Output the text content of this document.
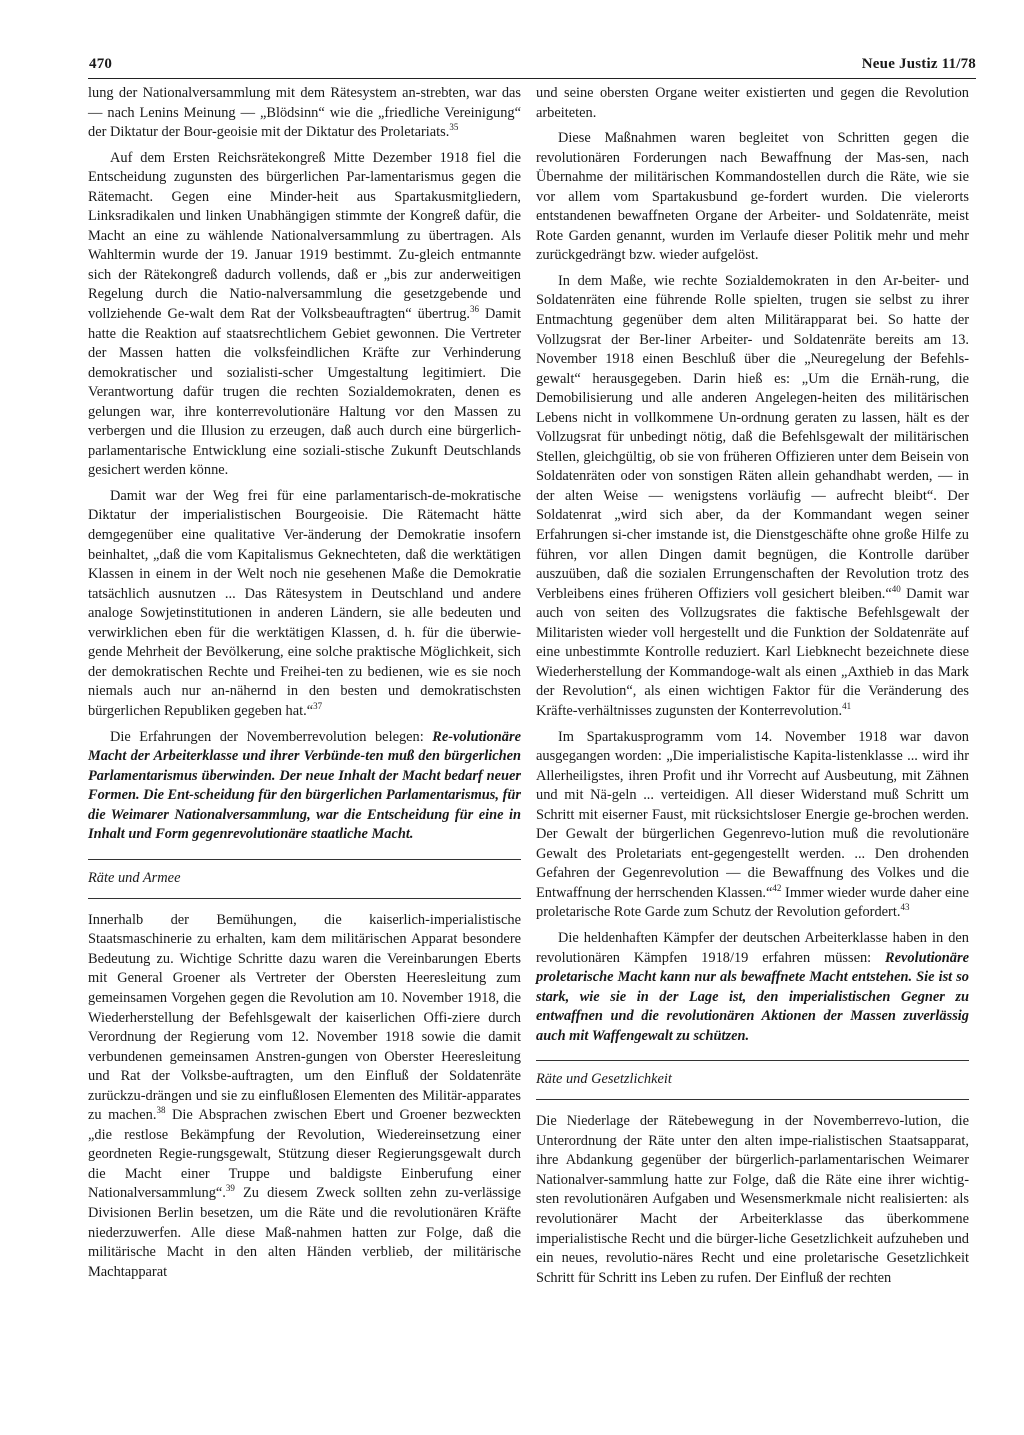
470	Neue Justiz 11/78

lung der Nationalversammlung mit dem Rätesystem an-strebten, war das — nach Lenins Meinung — „Blödsinn“ wie die „friedliche Vereinigung“ der Diktatur der Bour-geoisie mit der Diktatur des Proletariats.$^{35}$

Auf dem Ersten Reichsrätekongreß Mitte Dezember 1918 fiel die Entscheidung zugunsten des bürgerlichen Par-lamentarismus gegen die Rätemacht. Gegen eine Minder-heit aus Spartakusmitgliedern, Linksradikalen und linken Unabhängigen stimmte der Kongreß dafür, die Macht an eine zu wählende Nationalversammlung zu übertragen. Als Wahltermin wurde der 19. Januar 1919 bestimmt. Zu-gleich entmannte sich der Rätekongreß dadurch vollends, daß er „bis zur anderweitigen Regelung durch die Natio-nalversammlung die gesetzgebende und vollziehende Ge-walt dem Rat der Volksbeauftragten“ übertrug.$^{36}$ Damit hatte die Reaktion auf staatsrechtlichem Gebiet gewonnen. Die Vertreter der Massen hatten die volksfeindlichen Kräfte zur Verhinderung demokratischer und sozialisti-scher Umgestaltung legitimiert. Die Verantwortung dafür trugen die rechten Sozialdemokraten, denen es gelungen war, ihre konterrevolutionäre Haltung vor den Massen zu verbergen und die Illusion zu erzeugen, daß auch durch eine bürgerlich-parlamentarische Entwicklung eine soziali-stische Zukunft Deutschlands gesichert werden könne.

Damit war der Weg frei für eine parlamentarisch-de-mokratische Diktatur der imperialistischen Bourgeoisie. Die Rätemacht hätte demgegenüber eine qualitative Ver-änderung der Demokratie insofern beinhaltet, „daß die vom Kapitalismus Geknechteten, daß die werktätigen Klassen in einem in der Welt noch nie gesehenen Maße die Demokratie tatsächlich ausnutzen ... Das Rätesystem in Deutschland und andere analoge Sowjetinstitutionen in anderen Ländern, sie alle bedeuten und verwirklichen eben für die werktätigen Klassen, d. h. für die überwie-gende Mehrheit der Bevölkerung, eine solche praktische Möglichkeit, sich der demokratischen Rechte und Freihei-ten zu bedienen, wie es sie noch niemals auch nur an-nähernd in den besten und demokratischsten bürgerlichen Republiken gegeben hat.“$^{37}$

Die Erfahrungen der Novemberrevolution belegen: Re-volutionäre Macht der Arbeiterklasse und ihrer Verbünde-ten muß den bürgerlichen Parlamentarismus überwinden. Der neue Inhalt der Macht bedarf neuer Formen. Die Ent-scheidung für den bürgerlichen Parlamentarismus, für die Weimarer Nationalversammlung, war die Entscheidung für eine in Inhalt und Form gegenrevolutionäre staatliche Macht.

Räte und Armee

Innerhalb der Bemühungen, die kaiserlich-imperialistische Staatsmaschinerie zu erhalten, kam dem militärischen Apparat besondere Bedeutung zu. Wichtige Schritte dazu waren die Vereinbarungen Eberts mit General Groener als Vertreter der Obersten Heeresleitung zum gemeinsamen Vorgehen gegen die Revolution am 10. November 1918, die Wiederherstellung der Befehlsgewalt der kaiserlichen Offi-ziere durch Verordnung der Regierung vom 12. November 1918 sowie die damit verbundenen gemeinsamen Anstren-gungen von Oberster Heeresleitung und Rat der Volksbe-auftragten, um den Einfluß der Soldatenräte zurückzu-drängen und sie zu einflußlosen Elementen des Militär-apparates zu machen.$^{38}$ Die Absprachen zwischen Ebert und Groener bezweckten „die restlose Bekämpfung der Revolution, Wiedereinsetzung einer geordneten Regie-rungsgewalt, Stützung dieser Regierungsgewalt durch die Macht einer Truppe und baldigste Einberufung einer Nationalversammlung“.$^{39}$ Zu diesem Zweck sollten zehn zu-verlässige Divisionen Berlin besetzen, um die Räte und die revolutionären Kräfte niederzuwerfen. Alle diese Maß-nahmen hatten zur Folge, daß die militärische Macht in den alten Händen verblieb, der militärische Machtapparat

und seine obersten Organe weiter existierten und gegen die Revolution arbeiteten.

Diese Maßnahmen waren begleitet von Schritten gegen die revolutionären Forderungen nach Bewaffnung der Mas-sen, nach Übernahme der militärischen Kommandostellen durch die Räte, wie sie vor allem vom Spartakusbund ge-fordert wurden. Die vielerorts entstandenen bewaffneten Organe der Arbeiter- und Soldatenräte, meist Rote Garden genannt, wurden im Verlaufe dieser Politik mehr und mehr zurückgedrängt bzw. wieder aufgelöst.

In dem Maße, wie rechte Sozialdemokraten in den Ar-beiter- und Soldatenräten eine führende Rolle spielten, trugen sie selbst zu ihrer Entmachtung gegenüber dem alten Militärapparat bei. So hatte der Vollzugsrat der Ber-liner Arbeiter- und Soldatenräte bereits am 13. November 1918 einen Beschluß über die „Neuregelung der Befehls-gewalt“ herausgegeben. Darin hieß es: „Um die Ernäh-rung, die Demobilisierung und alle anderen Angelegen-heiten des militärischen Lebens nicht in vollkommene Un-ordnung geraten zu lassen, hält es der Vollzugsrat für unbedingt nötig, daß die Befehlsgewalt der militärischen Stellen, gleichgültig, ob sie von früheren Offizieren unter dem Beisein von Soldatenräten oder von sonstigen Räten allein gehandhabt werden, — in der alten Weise — wenigstens vorläufig — aufrecht bleibt“. Der Soldatenrat „wird sich aber, da der Kommandant wegen seiner Erfahrungen si-cher imstande ist, die Dienstgeschäfte ohne große Hilfe zu führen, vor allen Dingen damit begnügen, die Kontrolle darüber auszuüben, daß die sozialen Errungenschaften der Revolution trotz des Verbleibens eines früheren Offiziers voll gesichert bleiben.“$^{40}$ Damit war auch von seiten des Vollzugsrates die faktische Befehlsgewalt der Militaristen wieder voll hergestellt und die Funktion der Soldatenräte auf eine unbestimmte Kontrolle reduziert. Karl Liebknecht bezeichnete diese Wiederherstellung der Kommandoge-walt als einen „Axthieb in das Mark der Revolution“, als einen wichtigen Faktor für die Veränderung des Kräfte-verhältnisses zugunsten der Konterrevolution.$^{41}$

Im Spartakusprogramm vom 14. November 1918 war davon ausgegangen worden: „Die imperialistische Kapita-listenklasse ... wird ihr Allerheiligstes, ihren Profit und ihr Vorrecht auf Ausbeutung, mit Zähnen und mit Nä-geln ... verteidigen. All dieser Widerstand muß Schritt um Schritt mit eiserner Faust, mit rücksichtsloser Energie ge-brochen werden. Der Gewalt der bürgerlichen Gegenrevo-lution muß die revolutionäre Gewalt des Proletariats ent-gegengestellt werden. ... Den drohenden Gefahren der Gegenrevolution — die Bewaffnung des Volkes und die Entwaffnung der herrschenden Klassen.“$^{42}$ Immer wieder wurde daher eine proletarische Rote Garde zum Schutz der Revolution gefordert.$^{43}$

Die heldenhaften Kämpfer der deutschen Arbeiterklasse haben in den revolutionären Kämpfen 1918/19 erfahren müssen: Revolutionäre proletarische Macht kann nur als bewaffnete Macht entstehen. Sie ist so stark, wie sie in der Lage ist, den imperialistischen Gegner zu entwaffnen und die revolutionären Aktionen der Massen zuverlässig auch mit Waffengewalt zu schützen.

Räte und Gesetzlichkeit

Die Niederlage der Rätebewegung in der Novemberrevo-lution, die Unterordnung der Räte unter den alten impe-rialistischen Staatsapparat, ihre Abdankung gegenüber der bürgerlich-parlamentarischen Weimarer Nationalver-sammlung hatte zur Folge, daß die Räte eine ihrer wichtig-sten revolutionären Aufgaben und Wesensmerkmale nicht realisierten: als revolutionärer Macht der Arbeiterklasse das überkommene imperialistische Recht und die bürger-liche Gesetzlichkeit aufzuheben und ein neues, revolutio-näres Recht und eine proletarische Gesetzlichkeit Schritt für Schritt ins Leben zu rufen. Der Einfluß der rechten
